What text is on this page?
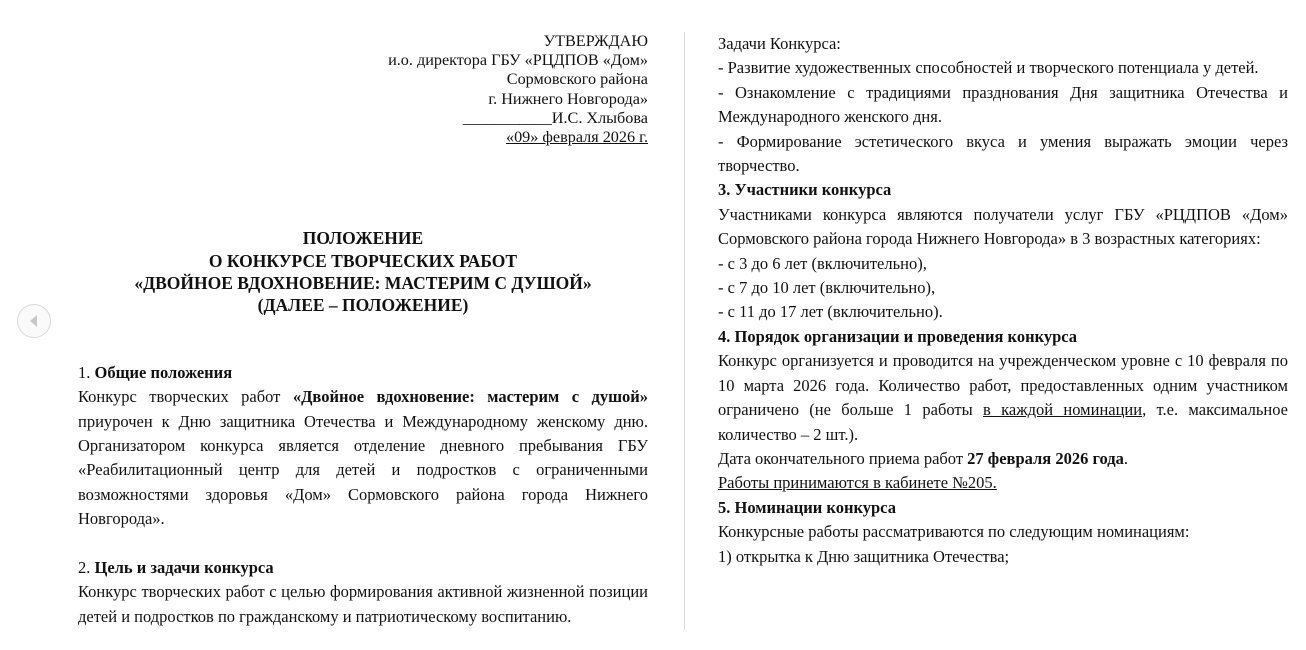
УТВЕРЖДАЮ
и.о. директора ГБУ «РЦДПОВ «Дом»
Сормовского района
г. Нижнего Новгорода»
___________И.С. Хлыбова
«09» февраля 2026 г.
ПОЛОЖЕНИЕ
О КОНКУРСЕ ТВОРЧЕСКИХ РАБОТ
«ДВОЙНОЕ ВДОХНОВЕНИЕ: МАСТЕРИМ С ДУШОЙ»
(ДАЛЕЕ – ПОЛОЖЕНИЕ)

1. Общие положения

Конкурс творческих работ «Двойное вдохновение: мастерим с душой» приурочен к Дню защитника Отечества и Международному женскому дню. Организатором конкурса является отделение дневного пребывания ГБУ «Реабилитационный центр для детей и подростков с ограниченными возможностями здоровья «Дом» Сормовского района города Нижнего Новгорода».

2. Цель и задачи конкурса

Конкурс творческих работ с целью формирования активной жизненной позиции детей и подростков по гражданскому и патриотическому воспитанию.

Задачи Конкурса:

- Развитие художественных способностей и творческого потенциала у детей.

- Ознакомление с традициями празднования Дня защитника Отечества и Международного женского дня.

- Формирование эстетического вкуса и умения выражать эмоции через творчество.

3. Участники конкурса

Участниками конкурса являются получатели услуг ГБУ «РЦДПОВ «Дом» Сормовского района города Нижнего Новгорода» в 3 возрастных категориях:

- с 3 до 6 лет (включительно),

- с 7 до 10 лет (включительно),

- с 11 до 17 лет (включительно).

4. Порядок организации и проведения конкурса

Конкурс организуется и проводится на учрежденческом уровне с 10 февраля по 10 марта 2026 года. Количество работ, предоставленных одним участником ограничено (не больше 1 работы в каждой номинации, т.е. максимальное количество – 2 шт.).

Дата окончательного приема работ 27 февраля 2026 года.

Работы принимаются в кабинете №205.

5. Номинации конкурса

Конкурсные работы рассматриваются по следующим номинациям:

1) открытка к Дню защитника Отечества;
